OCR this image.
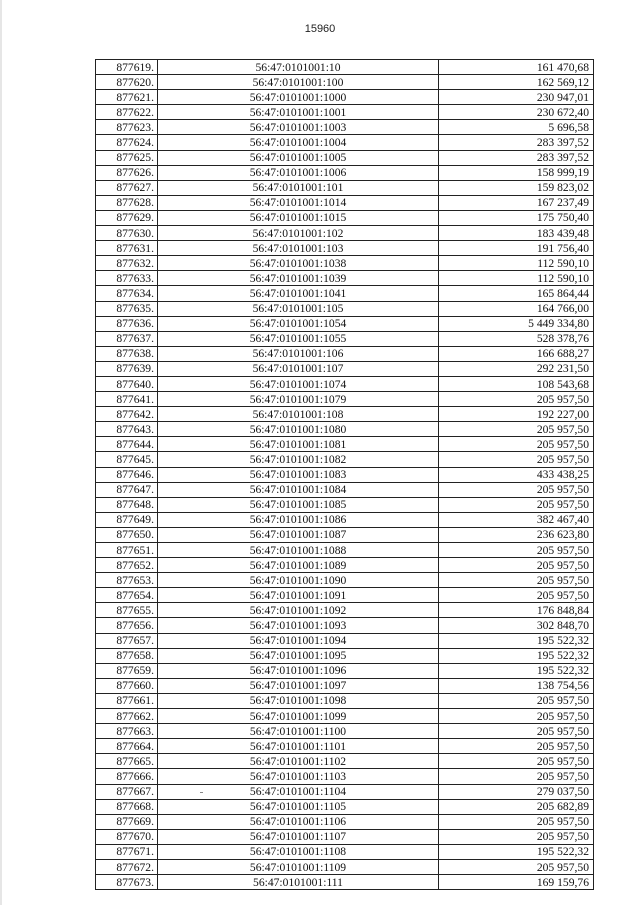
15960
877619.	56:47:0101001:10	161 470,68
877620.	56:47:0101001:100	162 569,12
877621.	56:47:0101001:1000	230 947,01
877622.	56:47:0101001:1001	230 672,40
877623.	56:47:0101001:1003	5 696,58
877624.	56:47:0101001:1004	283 397,52
877625.	56:47:0101001:1005	283 397,52
877626.	56:47:0101001:1006	158 999,19
877627.	56:47:0101001:101	159 823,02
877628.	56:47:0101001:1014	167 237,49
877629.	56:47:0101001:1015	175 750,40
877630.	56:47:0101001:102	183 439,48
877631.	56:47:0101001:103	191 756,40
877632.	56:47:0101001:1038	112 590,10
877633.	56:47:0101001:1039	112 590,10
877634.	56:47:0101001:1041	165 864,44
877635.	56:47:0101001:105	164 766,00
877636.	56:47:0101001:1054	5 449 334,80
877637.	56:47:0101001:1055	528 378,76
877638.	56:47:0101001:106	166 688,27
877639.	56:47:0101001:107	292 231,50
877640.	56:47:0101001:1074	108 543,68
877641.	56:47:0101001:1079	205 957,50
877642.	56:47:0101001:108	192 227,00
877643.	56:47:0101001:1080	205 957,50
877644.	56:47:0101001:1081	205 957,50
877645.	56:47:0101001:1082	205 957,50
877646.	56:47:0101001:1083	433 438,25
877647.	56:47:0101001:1084	205 957,50
877648.	56:47:0101001:1085	205 957,50
877649.	56:47:0101001:1086	382 467,40
877650.	56:47:0101001:1087	236 623,80
877651.	56:47:0101001:1088	205 957,50
877652.	56:47:0101001:1089	205 957,50
877653.	56:47:0101001:1090	205 957,50
877654.	56:47:0101001:1091	205 957,50
877655.	56:47:0101001:1092	176 848,84
877656.	56:47:0101001:1093	302 848,70
877657.	56:47:0101001:1094	195 522,32
877658.	56:47:0101001:1095	195 522,32
877659.	56:47:0101001:1096	195 522,32
877660.	56:47:0101001:1097	138 754,56
877661.	56:47:0101001:1098	205 957,50
877662.	56:47:0101001:1099	205 957,50
877663.	56:47:0101001:1100	205 957,50
877664.	56:47:0101001:1101	205 957,50
877665.	56:47:0101001:1102	205 957,50
877666.	56:47:0101001:1103	205 957,50
877667.	56:47:0101001:1104	279 037,50
877668.	56:47:0101001:1105	205 682,89
877669.	56:47:0101001:1106	205 957,50
877670.	56:47:0101001:1107	205 957,50
877671.	56:47:0101001:1108	195 522,32
877672.	56:47:0101001:1109	205 957,50
877673.	56:47:0101001:111	169 159,76
